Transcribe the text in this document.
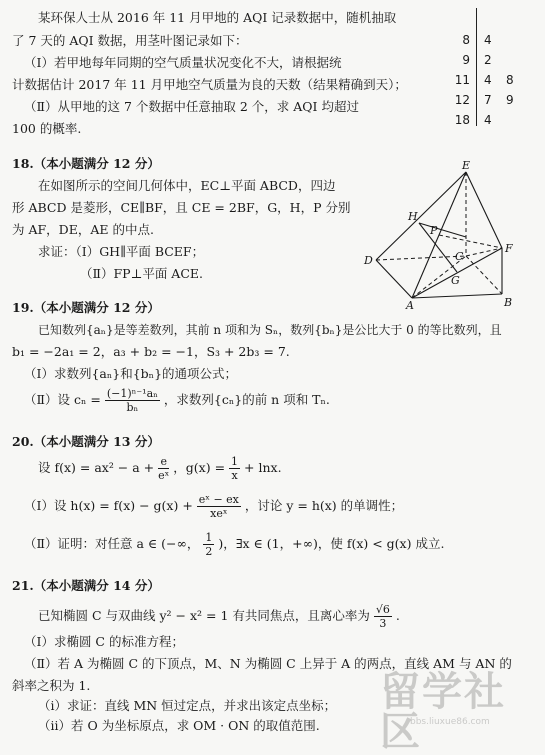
某环保人士从 2016 年 11 月甲地的 AQI 记录数据中，随机抽取
了 7 天的 AQI 数据，用茎叶图记录如下：
（Ⅰ）若甲地每年同期的空气质量状况变化不大，请根据统
计数据估计 2017 年 11 月甲地空气质量为良的天数（结果精确到天）；
（Ⅱ）从甲地的这 7 个数据中任意抽取 2 个，求 AQI 均超过
100 的概率.
8 4
9 2
11 4 8
12 7 9
18 4
18.（本小题满分 12 分）
在如图所示的空间几何体中，EC⊥平面 ABCD，四边
形 ABCD 是菱形，CE∥BF，且 CE = 2BF，G，H，P 分别
为 AF，DE，AE 的中点.
求证：（Ⅰ）GH∥平面 BCEF；
（Ⅱ）FP⊥平面 ACE.
E
H
P
F
D	C
G
A	B
19.（本小题满分 12 分）
已知数列{aₙ}是等差数列，其前 n 项和为 Sₙ，数列{bₙ}是公比大于 0 的等比数列，且
b₁ = −2a₁ = 2，a₃ + b₂ = −1，S₃ + 2b₃ = 7.
（Ⅰ）求数列{aₙ}和{bₙ}的通项公式；
（Ⅱ）设 $c_n = \frac{\text{(−1)ⁿ⁻¹aₙ}}{\text{bₙ}}$ ，求数列{cₙ}的前 n 项和 Tₙ.
20.（本小题满分 13 分）
设 $f(x) = ax^2 - a + \frac{e}{\text{eˣ}}$ ，$g(x) = \frac{1}{x} + \ln x$.
（Ⅰ）设 $h(x) = f(x) - g(x) + \frac{\text{eˣ − ex}}{\text{xeˣ}}$ ，讨论 y = h(x) 的单调性；
（Ⅱ）证明：对任意 a ∈ (−∞， $\frac{1}{2}$ )，∃x ∈ (1，+∞)，使 f(x) < g(x) 成立.
21.（本小题满分 14 分）
已知椭圆 C 与双曲线 y² − x² = 1 有共同焦点，且离心率为 $\frac{√6}{3}$ .
（Ⅰ）求椭圆 C 的标准方程；
（Ⅱ）若 A 为椭圆 C 的下顶点，M、N 为椭圆 C 上异于 A 的两点，直线 AM 与 AN 的
斜率之积为 1.
（ⅰ）求证：直线 MN 恒过定点，并求出该定点坐标；
（ⅱ）若 O 为坐标原点，求 OM · ON 的取值范围.
留学社区
bbs.liuxue86.com
